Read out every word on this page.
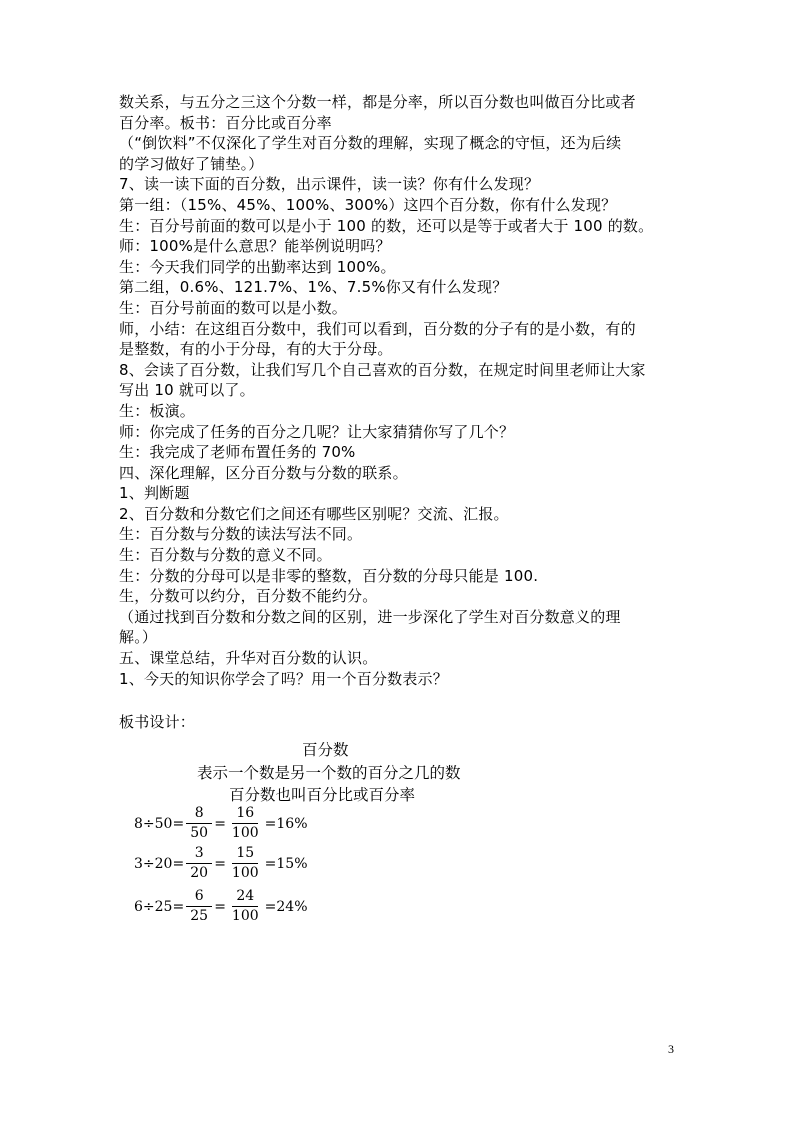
数关系，与五分之三这个分数一样，都是分率，所以百分数也叫做百分比或者
百分率。板书：百分比或百分率
（“倒饮料”不仅深化了学生对百分数的理解，实现了概念的守恒，还为后续
的学习做好了铺垫。）
7、读一读下面的百分数，出示课件，读一读？你有什么发现？
第一组：（15%、45%、100%、300%）这四个百分数，你有什么发现？
生：百分号前面的数可以是小于 100 的数，还可以是等于或者大于 100 的数。
师：100%是什么意思？能举例说明吗？
生：今天我们同学的出勤率达到 100%。
第二组，0.6%、121.7%、1%、7.5%你又有什么发现？
生：百分号前面的数可以是小数。
师，小结：在这组百分数中，我们可以看到，百分数的分子有的是小数，有的
是整数，有的小于分母，有的大于分母。
8、会读了百分数，让我们写几个自己喜欢的百分数，在规定时间里老师让大家
写出 10 就可以了。
生：板演。
师：你完成了任务的百分之几呢？让大家猜猜你写了几个？
生：我完成了老师布置任务的 70%
四、深化理解，区分百分数与分数的联系。
1、判断题
2、百分数和分数它们之间还有哪些区别呢？交流、汇报。
生：百分数与分数的读法写法不同。
生：百分数与分数的意义不同。
生：分数的分母可以是非零的整数，百分数的分母只能是 100.
生，分数可以约分，百分数不能约分。
（通过找到百分数和分数之间的区别，进一步深化了学生对百分数意义的理
解。）
五、课堂总结，升华对百分数的认识。
1、今天的知识你学会了吗？用一个百分数表示？
板书设计：
百分数
表示一个数是另一个数的百分之几的数
百分数也叫百分比或百分率
$8\div 50= \frac{8}{50} = \frac{16}{100} =16\%$
$3\div 20= \frac{3}{20} = \frac{15}{100} =15\%$
$6\div 25= \frac{6}{25} = \frac{24}{100} =24\%$
3
